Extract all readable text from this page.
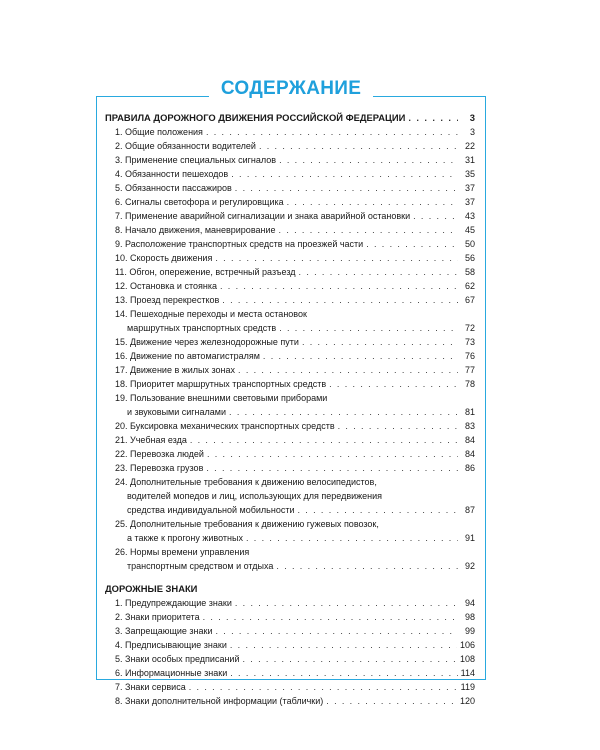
СОДЕРЖАНИЕ
ПРАВИЛА ДОРОЖНОГО ДВИЖЕНИЯ РОССИЙСКОЙ ФЕДЕРАЦИИ . . .	3
1. Общие положения . . .	3
2. Общие обязанности водителей . . .	22
3. Применение специальных сигналов . . .	31
4. Обязанности пешеходов . . .	35
5. Обязанности пассажиров . . .	37
6. Сигналы светофора и регулировщика . . .	37
7. Применение аварийной сигнализации и знака аварийной остановки . . .	43
8. Начало движения, маневрирование . . .	45
9. Расположение транспортных средств на проезжей части . . .	50
10. Скорость движения . . .	56
11. Обгон, опережение, встречный разъезд . . .	58
12. Остановка и стоянка . . .	62
13. Проезд перекрестков . . .	67
14. Пешеходные переходы и места остановок
маршрутных транспортных средств . . .	72
15. Движение через железнодорожные пути . . .	73
16. Движение по автомагистралям . . .	76
17. Движение в жилых зонах . . .	77
18. Приоритет маршрутных транспортных средств . . .	78
19. Пользование внешними световыми приборами
и звуковыми сигналами . . .	81
20. Буксировка механических транспортных средств . . .	83
21. Учебная езда . . .	84
22. Перевозка людей . . .	84
23. Перевозка грузов . . .	86
24. Дополнительные требования к движению велосипедистов,
водителей мопедов и лиц, использующих для передвижения
средства индивидуальной мобильности . . .	87
25. Дополнительные требования к движению гужевых повозок,
а также к прогону животных . . .	91
26. Нормы времени управления
транспортным средством и отдыха . . .	92
ДОРОЖНЫЕ ЗНАКИ
1. Предупреждающие знаки . . .	94
2. Знаки приоритета . . .	98
3. Запрещающие знаки . . .	99
4. Предписывающие знаки . . .	106
5. Знаки особых предписаний . . .	108
6. Информационные знаки . . .	114
7. Знаки сервиса . . .	119
8. Знаки дополнительной информации (таблички) . . .	120
